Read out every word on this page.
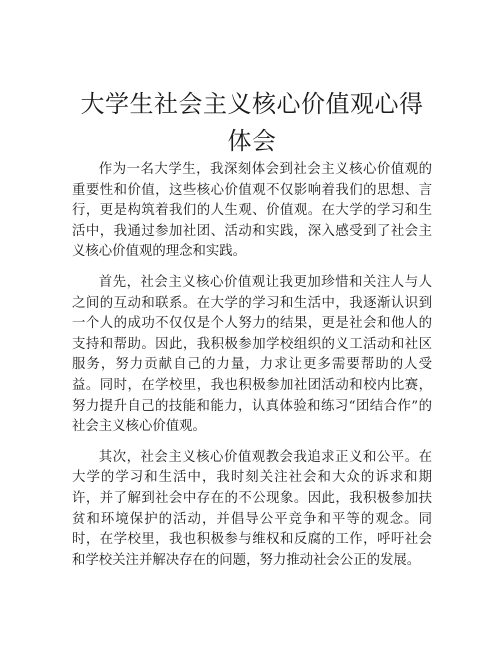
大学生社会主义核心价值观心得体会

作为一名大学生，我深刻体会到社会主义核心价值观的重要性和价值，这些核心价值观不仅影响着我们的思想、言行，更是构筑着我们的人生观、价值观。在大学的学习和生活中，我通过参加社团、活动和实践，深入感受到了社会主义核心价值观的理念和实践。

首先，社会主义核心价值观让我更加珍惜和关注人与人之间的互动和联系。在大学的学习和生活中，我逐渐认识到一个人的成功不仅仅是个人努力的结果，更是社会和他人的支持和帮助。因此，我积极参加学校组织的义工活动和社区服务，努力贡献自己的力量，力求让更多需要帮助的人受益。同时，在学校里，我也积极参加社团活动和校内比赛，努力提升自己的技能和能力，认真体验和练习“团结合作”的社会主义核心价值观。

其次，社会主义核心价值观教会我追求正义和公平。在大学的学习和生活中，我时刻关注社会和大众的诉求和期许，并了解到社会中存在的不公现象。因此，我积极参加扶贫和环境保护的活动，并倡导公平竞争和平等的观念。同时，在学校里，我也积极参与维权和反腐的工作，呼吁社会和学校关注并解决存在的问题，努力推动社会公正的发展。
